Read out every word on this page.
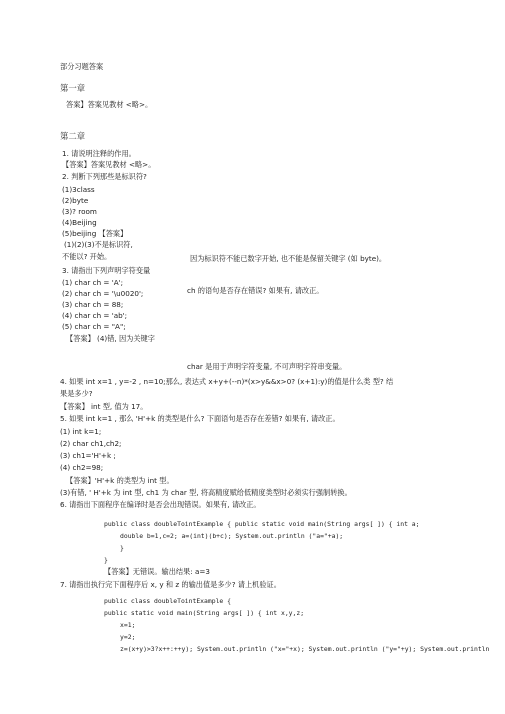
部分习题答案
第一章
答案】答案见教材 <略>。
第二章
1. 请说明注释的作用。
【答案】答案见教材 <略>。
2. 判断下列那些是标识符?
(1)3class
(2)byte
(3)? room
(4)Beijing
(5)beijing 【答案】
(1)(2)(3)不是标识符,
不能以? 开始。	因为标识符不能已数字开始, 也不能是保留关键字 (如 byte)。
3. 请指出下列声明字符变量
(1) char ch = 'A';
(2) char ch = '\u0020';
(3) char ch = 88;
(4) char ch = 'ab';
(5) char ch = "A";
ch 的语句是否存在错误? 如果有, 请改正。
【答案】 (4)错, 因为关键字
char 是用于声明字符变量, 不可声明字符串变量。
4. 如果 int x=1 , y=-2 , n=10;那么, 表达式 x+y+(--n)*(x>y&&x>0? (x+1):y)的值是什么类 型? 结
果是多少?
【答案】 int 型, 值为 17。
5. 如果 int k=1 , 那么 'H'+k 的类型是什么? 下面语句是否存在差错? 如果有, 请改正。
(1) int k=1;
(2) char ch1,ch2;
(3) ch1='H'+k ;
(4) ch2=98;
【答案】'H'+k 的类型为 int 型。
(3)有错, ' H'+k 为 int 型, ch1 为 char 型, 将高精度赋给低精度类型时必须实行强制转换。
6. 请指出下面程序在编译时是否会出现错误。如果有, 请改正。
public class doubleTointExample { public static void main(String args[ ]) { int a;
double b=1,c=2; a=(int)(b+c); System.out.println ("a="+a);
}
}
【答案】无错误。输出结果: a=3
7. 请指出执行完下面程序后 x, y 和 z 的输出值是多少? 请上机验证。
public class doubleTointExample {
public static void main(String args[ ]) { int x,y,z;
x=1;
y=2;
z=(x+y)>3?x++:++y); System.out.println ("x="+x); System.out.println ("y="+y); System.out.println
